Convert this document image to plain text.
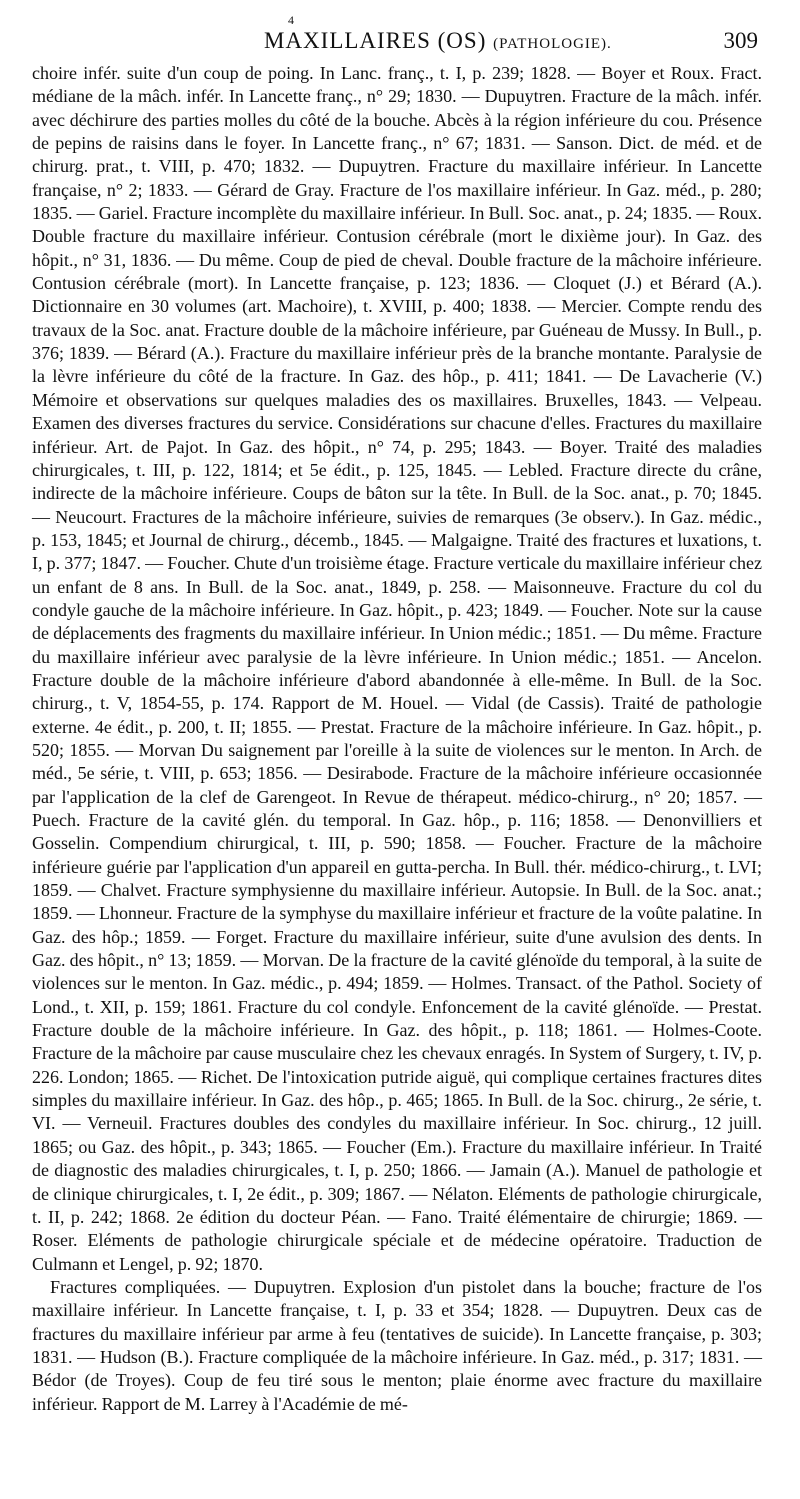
4
MAXILLAIRES (OS) (PATHOLOGIE).	309

choire infér. suite d'un coup de poing. In Lanc. franç., t. I, p. 239; 1828. — Boyer et Roux. Fract. médiane de la mâch. infér. In Lancette franç., n° 29; 1830. — Dupuytren. Fracture de la mâch. infér. avec déchirure des parties molles du côté de la bouche. Abcès à la région inférieure du cou. Présence de pepins de raisins dans le foyer. In Lancette franç., n° 67; 1831. — Sanson. Dict. de méd. et de chirurg. prat., t. VIII, p. 470; 1832. — Dupuytren. Fracture du maxillaire inférieur. In Lancette française, n° 2; 1833. — Gérard de Gray. Fracture de l'os maxillaire inférieur. In Gaz. méd., p. 280; 1835. — Gariel. Fracture incomplète du maxillaire inférieur. In Bull. Soc. anat., p. 24; 1835. — Roux. Double fracture du maxillaire inférieur. Contusion cérébrale (mort le dixième jour). In Gaz. des hôpit., n° 31, 1836. — Du même. Coup de pied de cheval. Double fracture de la mâchoire inférieure. Contusion cérébrale (mort). In Lancette française, p. 123; 1836. — Cloquet (J.) et Bérard (A.). Dictionnaire en 30 volumes (art. Machoire), t. XVIII, p. 400; 1838. — Mercier. Compte rendu des travaux de la Soc. anat. Fracture double de la mâchoire inférieure, par Guéneau de Mussy. In Bull., p. 376; 1839. — Bérard (A.). Fracture du maxillaire inférieur près de la branche montante. Paralysie de la lèvre inférieure du côté de la fracture. In Gaz. des hôp., p. 411; 1841. — De Lavacherie (V.) Mémoire et observations sur quelques maladies des os maxillaires. Bruxelles, 1843. — Velpeau. Examen des diverses fractures du service. Considérations sur chacune d'elles. Fractures du maxillaire inférieur. Art. de Pajot. In Gaz. des hôpit., n° 74, p. 295; 1843. — Boyer. Traité des maladies chirurgicales, t. III, p. 122, 1814; et 5e édit., p. 125, 1845. — Lebled. Fracture directe du crâne, indirecte de la mâchoire inférieure. Coups de bâton sur la tête. In Bull. de la Soc. anat., p. 70; 1845. — Neucourt. Fractures de la mâchoire inférieure, suivies de remarques (3e observ.). In Gaz. médic., p. 153, 1845; et Journal de chirurg., décemb., 1845. — Malgaigne. Traité des fractures et luxations, t. I, p. 377; 1847. — Foucher. Chute d'un troisième étage. Fracture verticale du maxillaire inférieur chez un enfant de 8 ans. In Bull. de la Soc. anat., 1849, p. 258. — Maisonneuve. Fracture du col du condyle gauche de la mâchoire inférieure. In Gaz. hôpit., p. 423; 1849. — Foucher. Note sur la cause de déplacements des fragments du maxillaire inférieur. In Union médic.; 1851. — Du même. Fracture du maxillaire inférieur avec paralysie de la lèvre inférieure. In Union médic.; 1851. — Ancelon. Fracture double de la mâchoire inférieure d'abord abandonnée à elle-même. In Bull. de la Soc. chirurg., t. V, 1854-55, p. 174. Rapport de M. Houel. — Vidal (de Cassis). Traité de pathologie externe. 4e édit., p. 200, t. II; 1855. — Prestat. Fracture de la mâchoire inférieure. In Gaz. hôpit., p. 520; 1855. — Morvan Du saignement par l'oreille à la suite de violences sur le menton. In Arch. de méd., 5e série, t. VIII, p. 653; 1856. — Desirabode. Fracture de la mâchoire inférieure occasionnée par l'application de la clef de Garengeot. In Revue de thérapeut. médico-chirurg., n° 20; 1857. — Puech. Fracture de la cavité glén. du temporal. In Gaz. hôp., p. 116; 1858. — Denonvilliers et Gosselin. Compendium chirurgical, t. III, p. 590; 1858. — Foucher. Fracture de la mâchoire inférieure guérie par l'application d'un appareil en gutta-percha. In Bull. thér. médico-chirurg., t. LVI; 1859. — Chalvet. Fracture symphysienne du maxillaire inférieur. Autopsie. In Bull. de la Soc. anat.; 1859. — Lhonneur. Fracture de la symphyse du maxillaire inférieur et fracture de la voûte palatine. In Gaz. des hôp.; 1859. — Forget. Fracture du maxillaire inférieur, suite d'une avulsion des dents. In Gaz. des hôpit., n° 13; 1859. — Morvan. De la fracture de la cavité glénoïde du temporal, à la suite de violences sur le menton. In Gaz. médic., p. 494; 1859. — Holmes. Transact. of the Pathol. Society of Lond., t. XII, p. 159; 1861. Fracture du col condyle. Enfoncement de la cavité glénoïde. — Prestat. Fracture double de la mâchoire inférieure. In Gaz. des hôpit., p. 118; 1861. — Holmes-Coote. Fracture de la mâchoire par cause musculaire chez les chevaux enragés. In System of Surgery, t. IV, p. 226. London; 1865. — Richet. De l'intoxication putride aiguë, qui complique certaines fractures dites simples du maxillaire inférieur. In Gaz. des hôp., p. 465; 1865. In Bull. de la Soc. chirurg., 2e série, t. VI. — Verneuil. Fractures doubles des condyles du maxillaire inférieur. In Soc. chirurg., 12 juill. 1865; ou Gaz. des hôpit., p. 343; 1865. — Foucher (Em.). Fracture du maxillaire inférieur. In Traité de diagnostic des maladies chirurgicales, t. I, p. 250; 1866. — Jamain (A.). Manuel de pathologie et de clinique chirurgicales, t. I, 2e édit., p. 309; 1867. — Nélaton. Eléments de pathologie chirurgicale, t. II, p. 242; 1868. 2e édition du docteur Péan. — Fano. Traité élémentaire de chirurgie; 1869. — Roser. Eléments de pathologie chirurgicale spéciale et de médecine opératoire. Traduction de Culmann et Lengel, p. 92; 1870.

Fractures compliquées. — Dupuytren. Explosion d'un pistolet dans la bouche; fracture de l'os maxillaire inférieur. In Lancette française, t. I, p. 33 et 354; 1828. — Dupuytren. Deux cas de fractures du maxillaire inférieur par arme à feu (tentatives de suicide). In Lancette française, p. 303; 1831. — Hudson (B.). Fracture compliquée de la mâchoire inférieure. In Gaz. méd., p. 317; 1831. — Bédor (de Troyes). Coup de feu tiré sous le menton; plaie énorme avec fracture du maxillaire inférieur. Rapport de M. Larrey à l'Académie de mé-
